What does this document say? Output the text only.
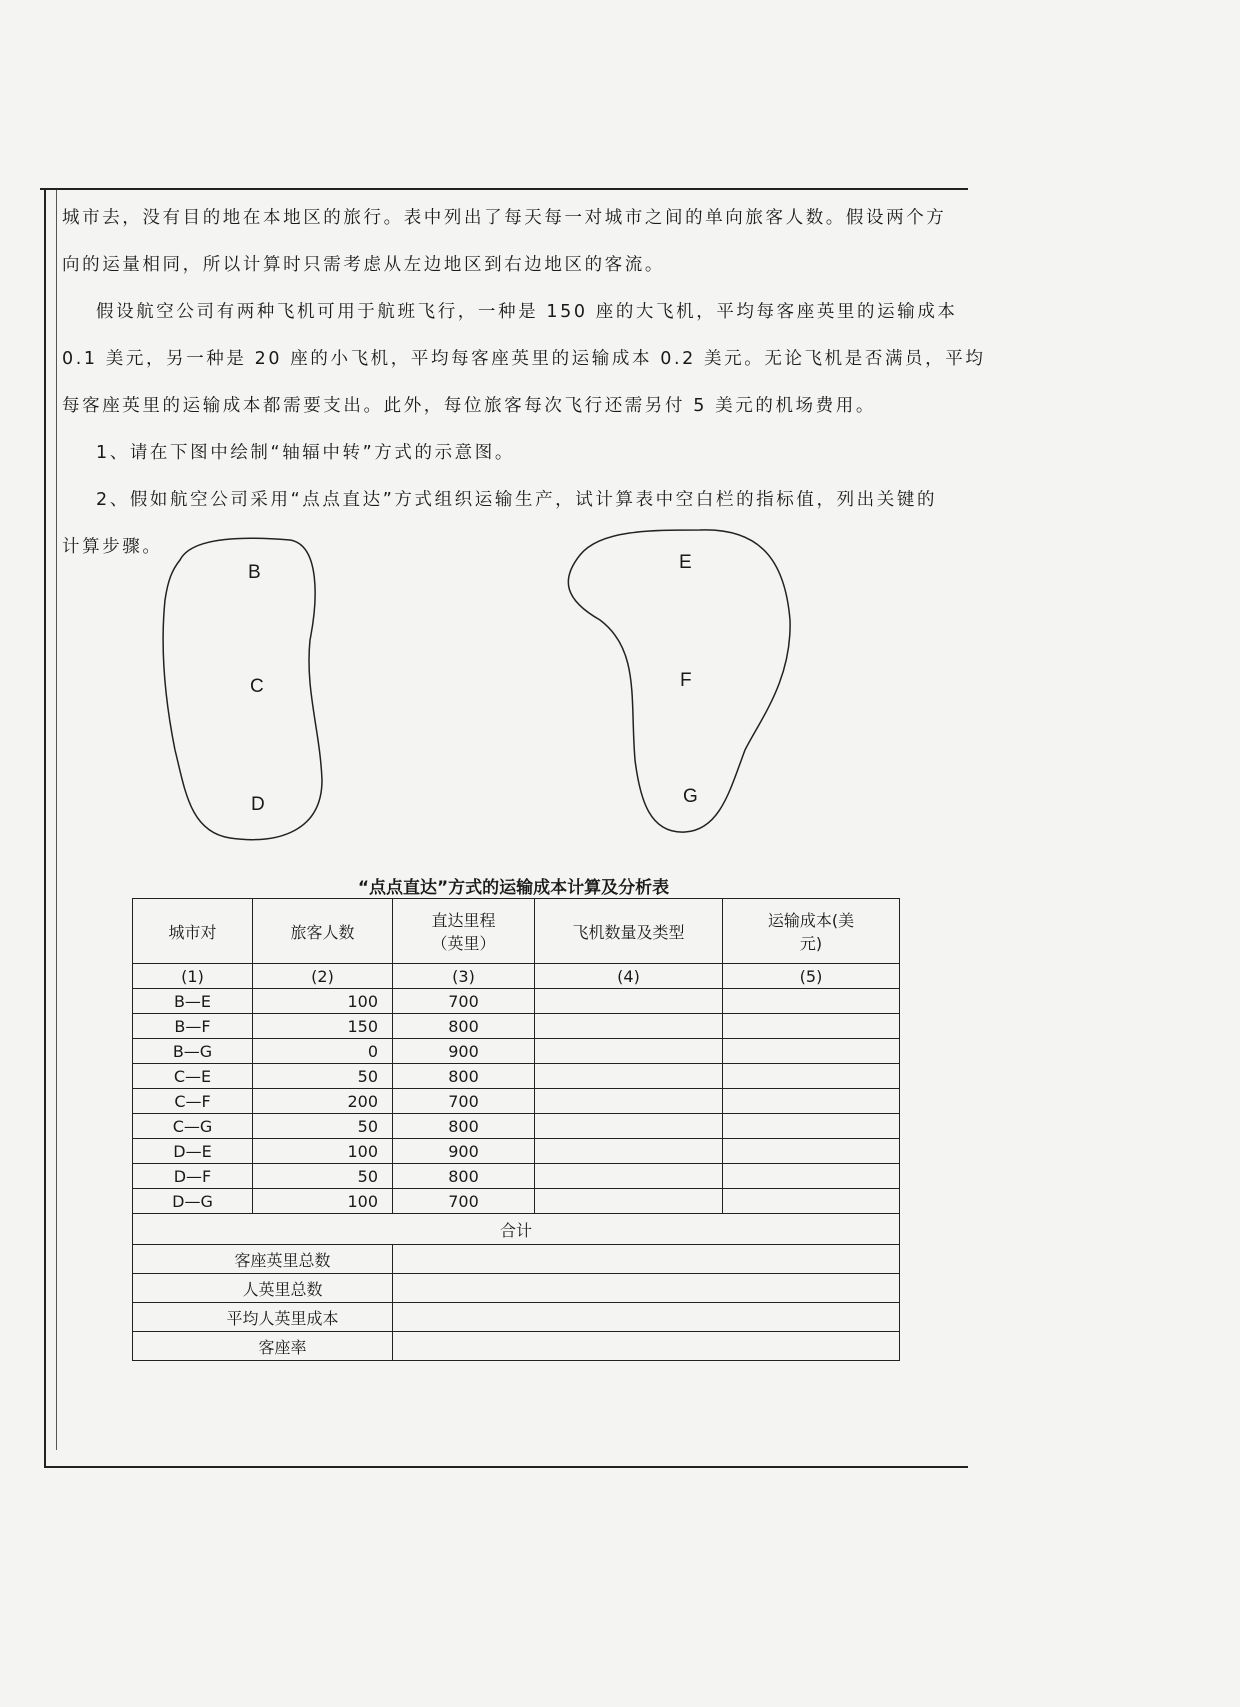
城市去，没有目的地在本地区的旅行。表中列出了每天每一对城市之间的单向旅客人数。假设两个方
向的运量相同，所以计算时只需考虑从左边地区到右边地区的客流。
假设航空公司有两种飞机可用于航班飞行，一种是 150 座的大飞机，平均每客座英里的运输成本
0.1 美元，另一种是 20 座的小飞机，平均每客座英里的运输成本 0.2 美元。无论飞机是否满员，平均
每客座英里的运输成本都需要支出。此外，每位旅客每次飞行还需另付 5 美元的机场费用。
1、请在下图中绘制“轴辐中转”方式的示意图。
2、假如航空公司采用“点点直达”方式组织运输生产，试计算表中空白栏的指标值，列出关键的
计算步骤。
B
C
D
E
F
G
“点点直达”方式的运输成本计算及分析表
城市对	旅客人数	直达里程（英里）	飞机数量及类型	运输成本(美元)
(1)	(2)	(3)	(4)	(5)
B—E	100	700		
B—F	150	800		
B—G	0	900		
C—E	50	800		
C—F	200	700		
C—G	50	800		
D—E	100	900		
D—F	50	800		
D—G	100	700		
合计				
客座英里总数				
人英里总数				
平均人英里成本				
客座率				
